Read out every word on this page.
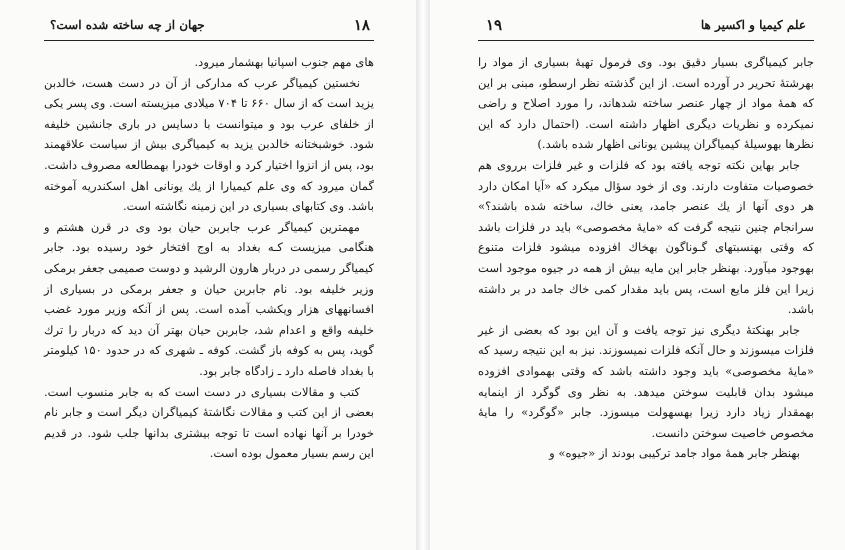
جهان از چه ساخته شده است؟	۱۸

های مهم جنوب اسپانیا بهشمار میرود.

نخستین کیمیاگر عرب که مدارکی از آن در دست هست، خالدبن یزید است که از سال ۶۶۰ تا ۷۰۴ میلادی میزیسته است. وی پسر یکی از خلفای عرب بود و میتوانست با دسایس در باری جانشین خلیفه شود. خوشبختانه خالدبن یزید به کیمیاگری بیش از سیاست علاقهمند بود، پس از انزوا اختیار کرد و اوقات خودرا بهمطالعه مصروف داشت. گمان میرود که وی علم کیمیارا از یك یونانی اهل اسکندریه آموخته باشد. وی کتابهای بسیاری در این زمینه نگاشته است.

مهمترین کیمیاگر عرب جابربن حیان بود وی در قرن هشتم و هنگامی میزیست کـه بغداد به اوج افتخار خود رسیده بود. جابر کیمیاگر رسمی در دربار هارون الرشید و دوست صمیمی جعفر برمکی وزیر خلیفه بود. نام جابربن حیان و جعفر برمکی در بسیاری از افسانههای هزار ویکشب آمده است. پس از آنکه وزیر مورد غضب خلیفه واقع و اعدام شد، جابربن حیان بهتر آن دید که دربار را ترك گوید، پس به کوفه باز گشت. کوفه ـ شهری که در حدود ۱۵۰ کیلومتر با بغداد فاصله دارد ـ زادگاه جابر بود.

کتب و مقالات بسیاری در دست است که به جابر منسوب است. بعضی از این کتب و مقالات نگاشتهٔ کیمیاگران دیگر است و جابر نام خودرا بر آنها نهاده است تا توجه بیشتری بدانها جلب شود. در قدیم این رسم بسیار معمول بوده است.

علم کیمیا و اکسیر ها
۱۹

جابر کیمیاگری بسیار دقیق بود. وی فرمول تهیهٔ بسیاری از مواد را بهرشتهٔ تحریر در آورده است. از این گذشته نظر ارسطو، مبنی بر این که همهٔ مواد از چهار عنصر ساخته شدهاند، را مورد اصلاح و راضی نمیکرده و نظریات دیگری اظهار داشته است. (احتمال دارد که این نظرها بهوسیلهٔ کیمیاگران پیشین یونانی اظهار شده باشد.)

جابر بهاین نکته توجه یافته بود که فلزات و غیر فلزات برروی هم خصوصیات متفاوت دارند. وی از خود سؤال میکرد که «آیا امکان دارد هر دوی آنها از یك عنصر جامد، یعنی خاك، ساخته شده باشند؟» سرانجام چنین نتیجه گرفت که «مایهٔ مخصوصی» باید در فلزات باشد که وقتی بهنسبتهای گـوناگون بهخاك افزوده میشود فلزات متنوع بهوجود میآورد. بهنظر جابر این مایه بیش از همه در جیوه موجود است زیرا این فلز مایع است، پس باید مقدار کمی خاك جامد در بر داشته باشد.

جابر بهنکتهٔ دیگری نیز توجه یافت و آن این بود که بعضی از غیر فلزات میسوزند و حال آنکه فلزات نمیسوزند. نیز به این نتیجه رسید که «مایهٔ مخصوصی» باید وجود داشته باشد که وقتی بهموادی افزوده میشود بدان قابلیت سوختن میدهد. به نظر وی گوگرد از اینمایه بهمقدار زیاد دارد زیرا بهسهولت میسوزد. جابر «گوگرد» را مایهٔ مخصوص خاصیت سوختن دانست.

بهنظر جابر همهٔ مواد جامد ترکیبی بودند از «جیوه» و
